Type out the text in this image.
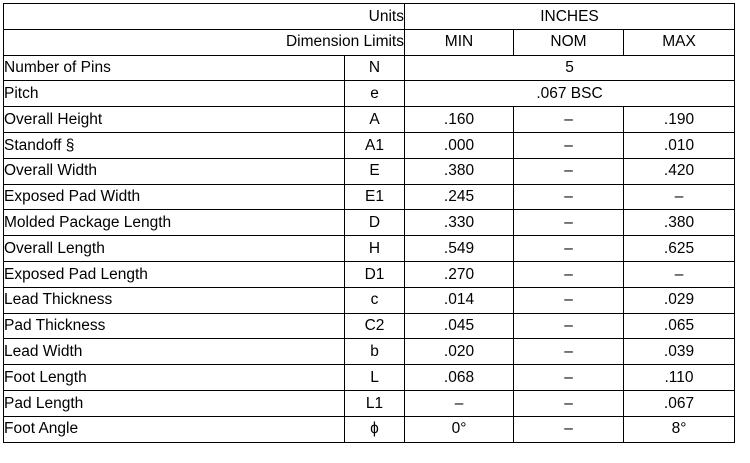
Units		INCHES		
Dimension Limits		MIN	NOM	MAX
Number of Pins	N	5		
Pitch	e	.067 BSC		
Overall Height	A	.160	–	.190
Standoff §	A1	.000	–	.010
Overall Width	E	.380	–	.420
Exposed Pad Width	E1	.245	–	–
Molded Package Length	D	.330	–	.380
Overall Length	H	.549	–	.625
Exposed Pad Length	D1	.270	–	–
Lead Thickness	c	.014	–	.029
Pad Thickness	C2	.045	–	.065
Lead Width	b	.020	–	.039
Foot Length	L	.068	–	.110
Pad Length	L1	–	–	.067
Foot Angle	ϕ	0°	–	8°
